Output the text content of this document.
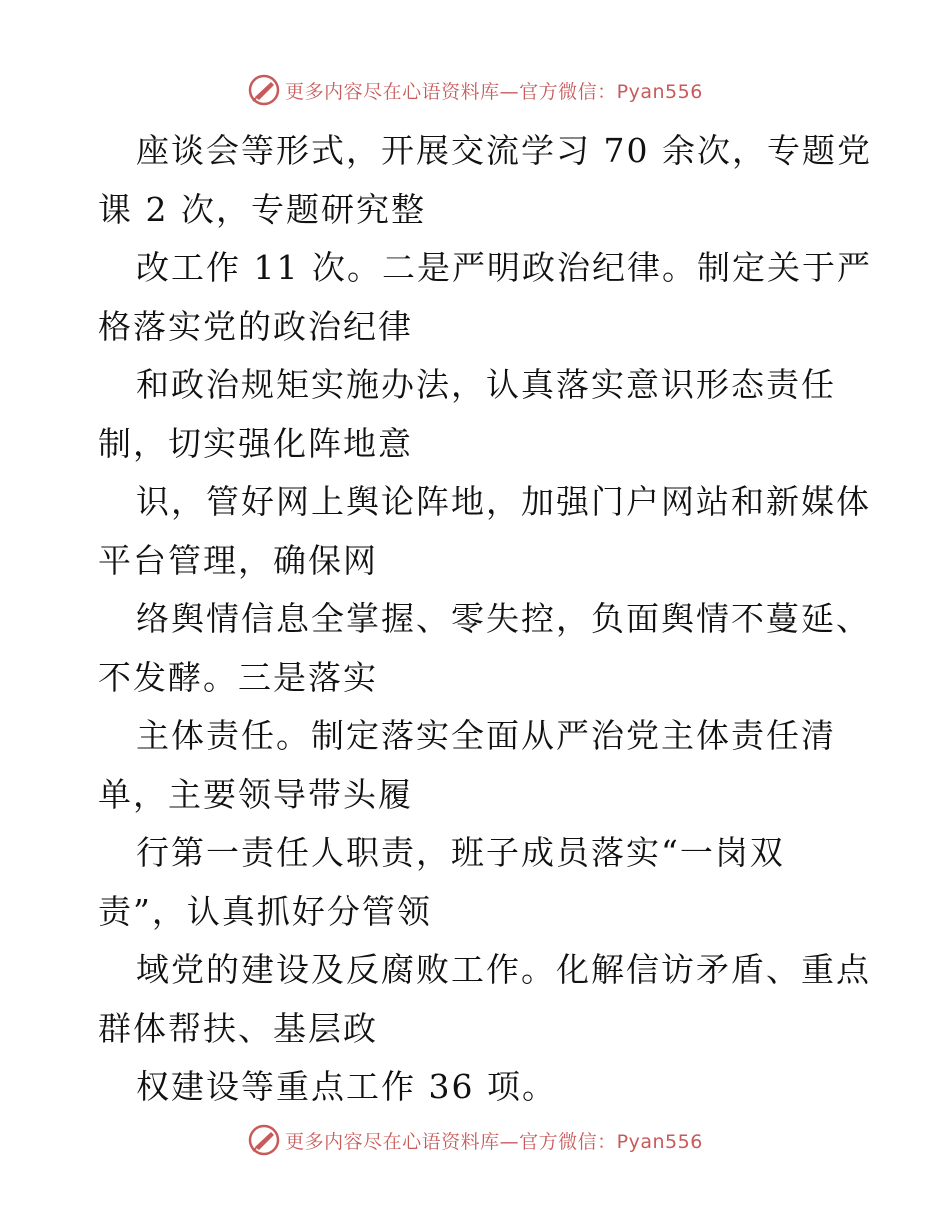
更多内容尽在心语资料库—官方微信：Pyan556
座谈会等形式，开展交流学习 70 余次，专题党
课 2 次，专题研究整
改工作 11 次。二是严明政治纪律。制定关于严
格落实党的政治纪律
和政治规矩实施办法，认真落实意识形态责任
制，切实强化阵地意
识，管好网上舆论阵地，加强门户网站和新媒体
平台管理，确保网
络舆情信息全掌握、零失控，负面舆情不蔓延、
不发酵。三是落实
主体责任。制定落实全面从严治党主体责任清
单，主要领导带头履
行第一责任人职责，班子成员落实“一岗双
责”，认真抓好分管领
域党的建设及反腐败工作。化解信访矛盾、重点
群体帮扶、基层政
权建设等重点工作 36 项。
更多内容尽在心语资料库—官方微信：Pyan556
